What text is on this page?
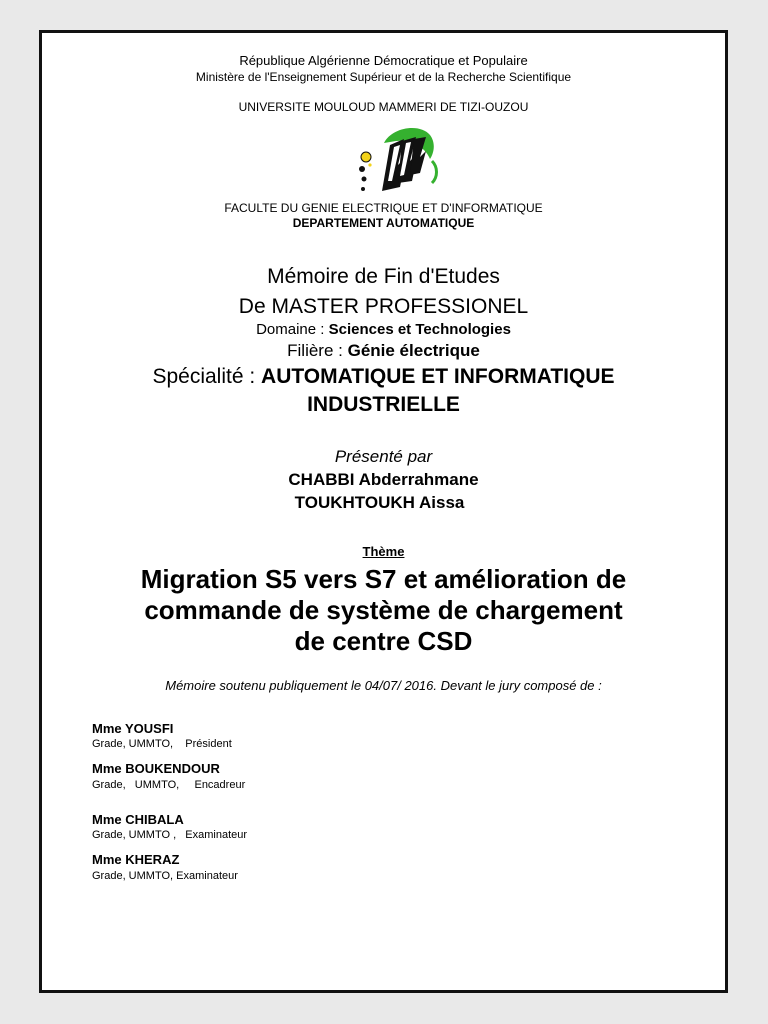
République Algérienne Démocratique et Populaire
Ministère de l'Enseignement Supérieur et de la Recherche Scientifique
UNIVERSITE MOULOUD MAMMERI DE TIZI-OUZOU
FACULTE DU GENIE ELECTRIQUE ET D'INFORMATIQUE
DEPARTEMENT AUTOMATIQUE
Mémoire de Fin d'Etudes
De MASTER PROFESSIONEL
Domaine : Sciences et Technologies
Filière : Génie électrique
Spécialité : AUTOMATIQUE ET INFORMATIQUE
INDUSTRIELLE
Présenté par
CHABBI Abderrahmane
TOUKHTOUKH Aissa
Thème
Migration S5 vers S7 et amélioration de
commande de système de chargement
de centre CSD
Mémoire soutenu publiquement le 04/07/ 2016. Devant le jury composé de :
Mme YOUSFI
Grade, UMMTO,    Président
Mme BOUKENDOUR
Grade,   UMMTO,     Encadreur
Mme CHIBALA
Grade, UMMTO ,   Examinateur
Mme KHERAZ
Grade, UMMTO, Examinateur
